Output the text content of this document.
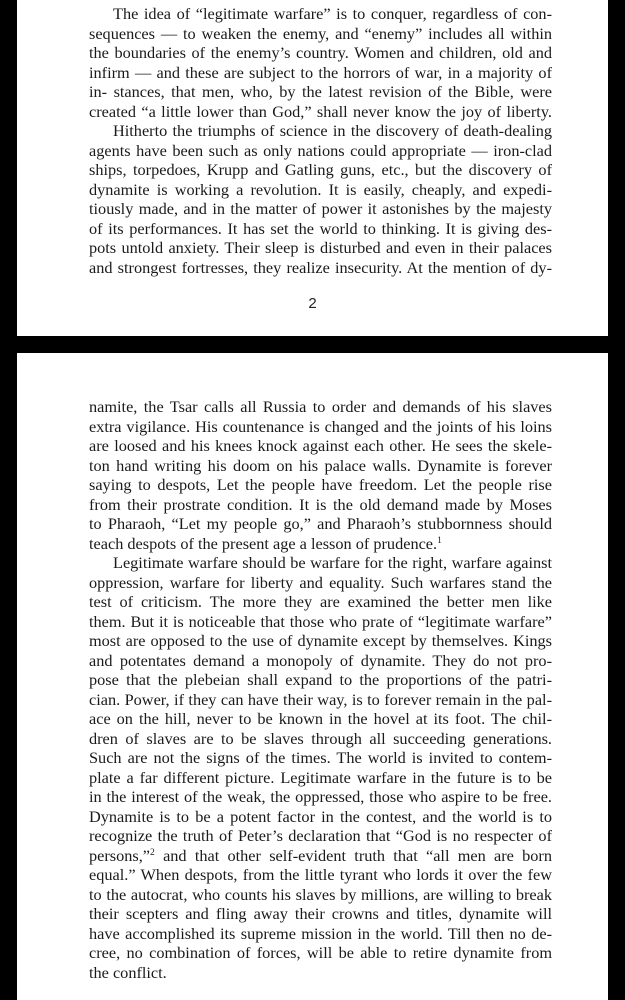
The idea of “legitimate warfare” is to conquer, regardless of con-
sequences — to weaken the enemy, and “enemy” includes all within
the boundaries of the enemy’s country. Women and children, old and
infirm — and these are subject to the horrors of war, in a majority of
in- stances, that men, who, by the latest revision of the Bible, were
created “a little lower than God,” shall never know the joy of liberty.
Hitherto the triumphs of science in the discovery of death-dealing
agents have been such as only nations could appropriate — iron-clad
ships, torpedoes, Krupp and Gatling guns, etc., but the discovery of
dynamite is working a revolution. It is easily, cheaply, and expedi-
tiously made, and in the matter of power it astonishes by the majesty
of its performances. It has set the world to thinking. It is giving des-
pots untold anxiety. Their sleep is disturbed and even in their palaces
and strongest fortresses, they realize insecurity. At the mention of dy-
2
namite, the Tsar calls all Russia to order and demands of his slaves
extra vigilance. His countenance is changed and the joints of his loins
are loosed and his knees knock against each other. He sees the skele-
ton hand writing his doom on his palace walls. Dynamite is forever
saying to despots, Let the people have freedom. Let the people rise
from their prostrate condition. It is the old demand made by Moses
to Pharaoh, “Let my people go,” and Pharaoh’s stubbornness should
teach despots of the present age a lesson of prudence.$^1$
Legitimate warfare should be warfare for the right, warfare against
oppression, warfare for liberty and equality. Such warfares stand the
test of criticism. The more they are examined the better men like
them. But it is noticeable that those who prate of “legitimate warfare”
most are opposed to the use of dynamite except by themselves. Kings
and potentates demand a monopoly of dynamite. They do not pro-
pose that the plebeian shall expand to the proportions of the patri-
cian. Power, if they can have their way, is to forever remain in the pal-
ace on the hill, never to be known in the hovel at its foot. The chil-
dren of slaves are to be slaves through all succeeding generations.
Such are not the signs of the times. The world is invited to contem-
plate a far different picture. Legitimate warfare in the future is to be
in the interest of the weak, the oppressed, those who aspire to be free.
Dynamite is to be a potent factor in the contest, and the world is to
recognize the truth of Peter’s declaration that “God is no respecter of
persons,”$^2$ and that other self-evident truth that “all men are born
equal.” When despots, from the little tyrant who lords it over the few
to the autocrat, who counts his slaves by millions, are willing to break
their scepters and fling away their crowns and titles, dynamite will
have accomplished its supreme mission in the world. Till then no de-
cree, no combination of forces, will be able to retire dynamite from
the conflict.
